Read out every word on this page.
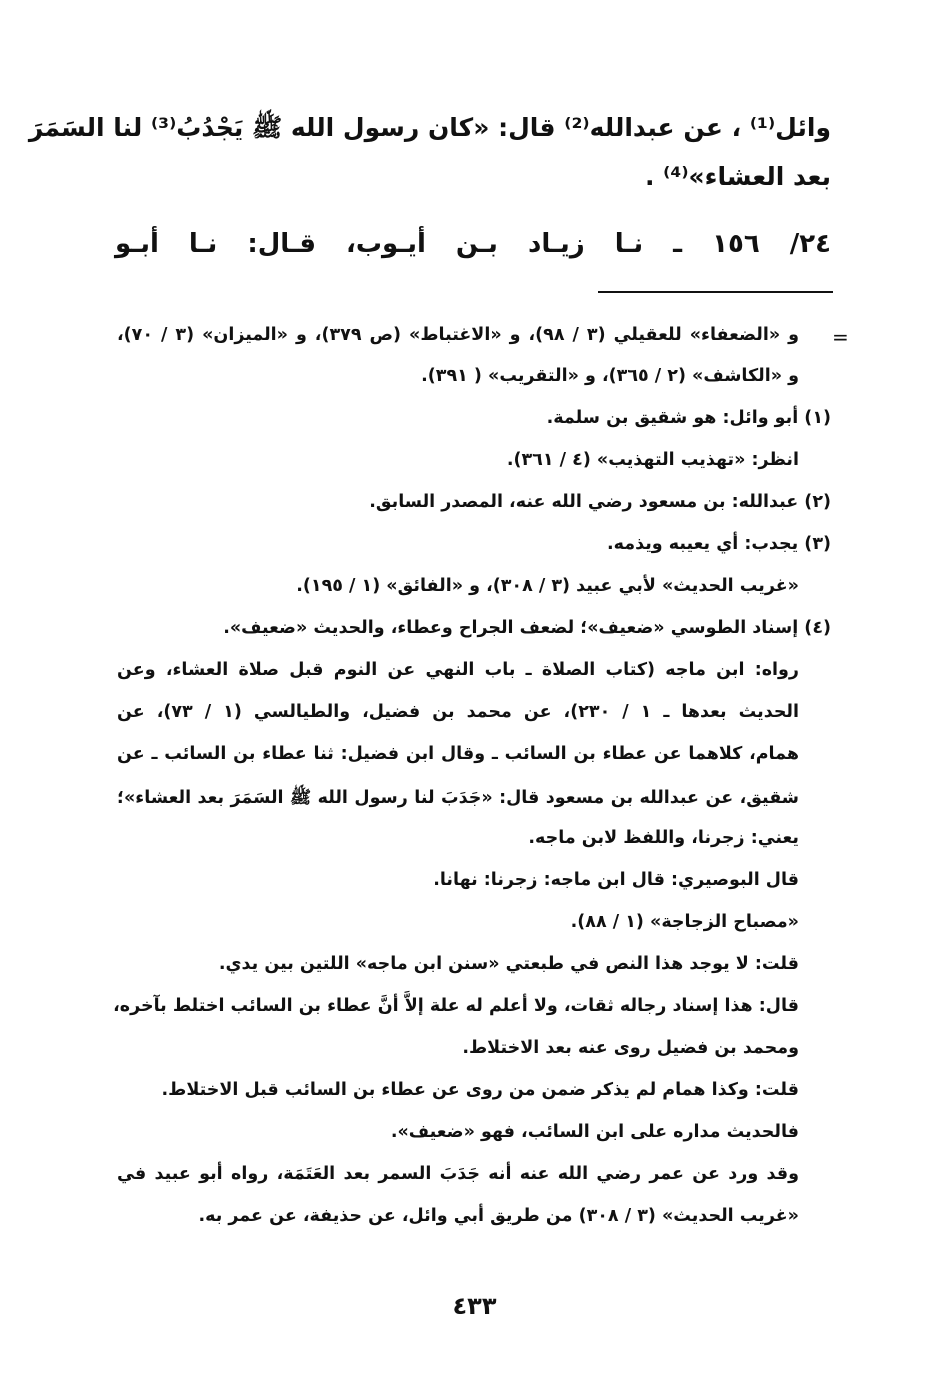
وائل⁽¹⁾ ، عن عبدالله⁽²⁾ قال: «كان رسول الله ﷺ يَجْدُبُ⁽³⁾ لنا السَمَرَ
بعد العشاء»⁽⁴⁾ .
٢٤/ ١٥٦ ـ نـا زيـاد بـن أيـوب، قـال: نـا أبـو
=
و «الضعفاء» للعقيلي (٣ / ٩٨)، و «الاغتباط» (ص ٣٧٩)، و «الميزان» (٣ / ٧٠)،
و «الكاشف» (٢ / ٣٦٥)، و «التقريب» ( ٣٩١).
(١) أبو وائل: هو شقيق بن سلمة.
انظر: «تهذيب التهذيب» (٤ / ٣٦١).
(٢) عبدالله: بن مسعود رضي الله عنه، المصدر السابق.
(٣) يجدب: أي يعيبه ويذمه.
«غريب الحديث» لأبي عبيد (٣ / ٣٠٨)، و «الفائق» (١ / ١٩٥).
(٤) إسناد الطوسي «ضعيف»؛ لضعف الجراح وعطاء، والحديث «ضعيف».
رواه: ابن ماجه (كتاب الصلاة ـ باب النهي عن النوم قبل صلاة العشاء، وعن
الحديث بعدها ـ ١ / ٢٣٠)، عن محمد بن فضيل، والطيالسي (١ / ٧٣)، عن
همام، كلاهما عن عطاء بن السائب ـ وقال ابن فضيل: ثنا عطاء بن السائب ـ عن
شقيق، عن عبدالله بن مسعود قال: «جَدَبَ لنا رسول الله ﷺ السَمَرَ بعد العشاء»؛
يعني: زجرنا، واللفظ لابن ماجه.
قال البوصيري: قال ابن ماجه: زجرنا: نهانا.
«مصباح الزجاجة» (١ / ٨٨).
قلت: لا يوجد هذا النص في طبعتي «سنن ابن ماجه» اللتين بين يدي.
قال: هذا إسناد رجاله ثقات، ولا أعلم له علة إلاَّ أنَّ عطاء بن السائب اختلط بآخره،
ومحمد بن فضيل روى عنه بعد الاختلاط.
قلت: وكذا همام لم يذكر ضمن من روى عن عطاء بن السائب قبل الاختلاط.
فالحديث مداره على ابن السائب، فهو «ضعيف».
وقد ورد عن عمر رضي الله عنه أنه جَدَبَ السمر بعد العَتَمَة، رواه أبو عبيد في
«غريب الحديث» (٣ / ٣٠٨) من طريق أبي وائل، عن حذيفة، عن عمر به.
٤٣٣
